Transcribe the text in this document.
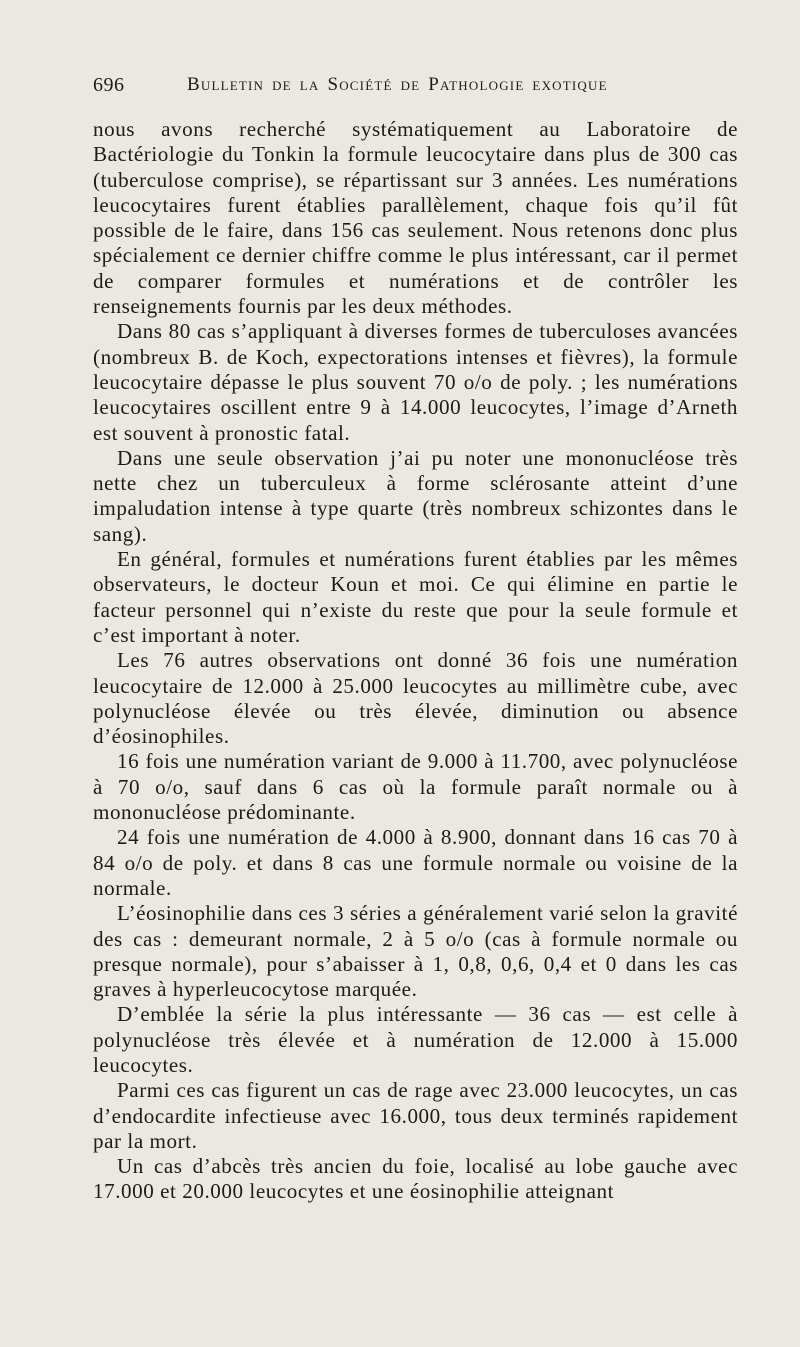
696	Bulletin de la Société de Pathologie exotique

nous avons recherché systématiquement au Laboratoire de Bactériologie du Tonkin la formule leucocytaire dans plus de 300 cas (tuberculose comprise), se répartissant sur 3 années. Les numérations leucocytaires furent établies parallèlement, chaque fois qu’il fût possible de le faire, dans 156 cas seulement. Nous retenons donc plus spécialement ce dernier chiffre comme le plus intéressant, car il permet de comparer formules et numérations et de contrôler les renseignements fournis par les deux méthodes.

Dans 80 cas s’appliquant à diverses formes de tuberculoses avancées (nombreux B. de Koch, expectorations intenses et fièvres), la formule leucocytaire dépasse le plus souvent 70 o/o de poly. ; les numérations leucocytaires oscillent entre 9 à 14.000 leucocytes, l’image d’Arneth est souvent à pronostic fatal.

Dans une seule observation j’ai pu noter une mononucléose très nette chez un tuberculeux à forme sclérosante atteint d’une impaludation intense à type quarte (très nombreux schizontes dans le sang).

En général, formules et numérations furent établies par les mêmes observateurs, le docteur Koun et moi. Ce qui élimine en partie le facteur personnel qui n’existe du reste que pour la seule formule et c’est important à noter.

Les 76 autres observations ont donné 36 fois une numération leucocytaire de 12.000 à 25.000 leucocytes au millimètre cube, avec polynucléose élevée ou très élevée, diminution ou absence d’éosinophiles.

16 fois une numération variant de 9.000 à 11.700, avec polynucléose à 70 o/o, sauf dans 6 cas où la formule paraît normale ou à mononucléose prédominante.

24 fois une numération de 4.000 à 8.900, donnant dans 16 cas 70 à 84 o/o de poly. et dans 8 cas une formule normale ou voisine de la normale.

L’éosinophilie dans ces 3 séries a généralement varié selon la gravité des cas : demeurant normale, 2 à 5 o/o (cas à formule normale ou presque normale), pour s’abaisser à 1, 0,8, 0,6, 0,4 et 0 dans les cas graves à hyperleucocytose marquée.

D’emblée la série la plus intéressante — 36 cas — est celle à polynucléose très élevée et à numération de 12.000 à 15.000 leucocytes.

Parmi ces cas figurent un cas de rage avec 23.000 leucocytes, un cas d’endocardite infectieuse avec 16.000, tous deux terminés rapidement par la mort.

Un cas d’abcès très ancien du foie, localisé au lobe gauche avec 17.000 et 20.000 leucocytes et une éosinophilie atteignant
